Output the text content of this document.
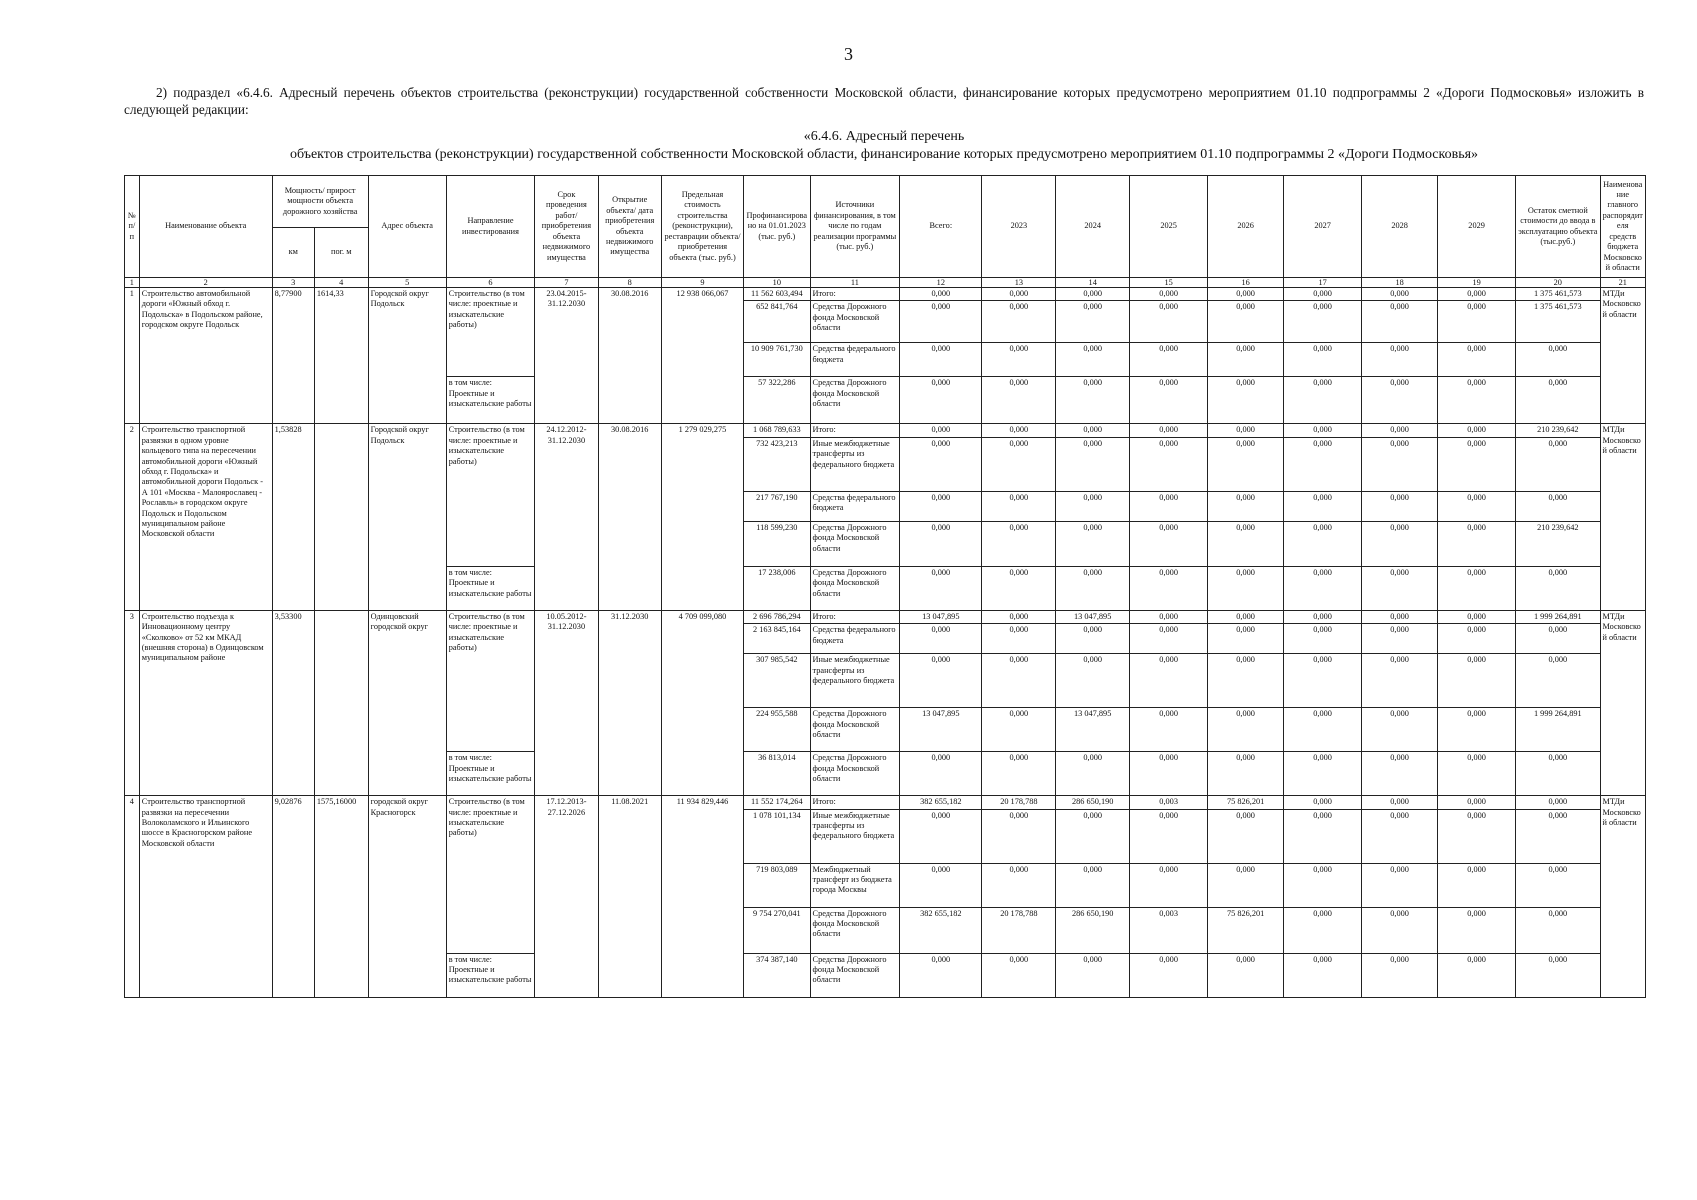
3
2) подраздел «6.4.6. Адресный перечень объектов строительства (реконструкции) государственной собственности Московской области, финансирование которых предусмотрено мероприятием 01.10 подпрограммы 2 «Дороги Подмосковья» изложить в следующей редакции:
«6.4.6. Адресный перечень
объектов строительства (реконструкции) государственной собственности Московской области, финансирование которых предусмотрено мероприятием 01.10 подпрограммы 2 «Дороги Подмосковья»
№ п/п	Наименование объекта	Мощность/ прирост мощности объекта дорожного хозяйства		Адрес объекта	Направление инвестирования	Срок проведения работ/ приобретения объекта недвижимого имущества	Открытие объекта/ дата приобретения объекта недвижимого имущества	Предельная стоимость строительства (реконструкции), реставрации объекта/ приобретения объекта (тыс. руб.)	Профинансировано на 01.01.2023 (тыс. руб.)	Источники финансирования, в том числе по годам реализации программы (тыс. руб.)	Всего:	2023	2024	2025	2026	2027	2028	2029	Остаток сметной стоимости до ввода в эксплуатацию объекта (тыс.руб.)	Наименование главного распорядителя средств бюджета Московской области
		км	пог. м																	
1	2	3	4	5	6	7	8	9	10	11	12	13	14	15	16	17	18	19	20	21
1	Строительство автомобильной дороги «Южный обход г. Подольска» в Подольском районе, городском округе Подольск	8,77900	1614,33	Городской округ Подольск	Строительство (в том числе: проектные и изыскательские работы)	23.04.2015-31.12.2030	30.08.2016	12 938 066,067	11 562 603,494	Итого:	0,000	0,000	0,000	0,000	0,000	0,000	0,000	0,000	1 375 461,573	МТДи Московской области
									652 841,764	Средства Дорожного фонда Московской области	0,000	0,000	0,000	0,000	0,000	0,000	0,000	0,000	1 375 461,573	
									10 909 761,730	Средства федерального бюджета	0,000	0,000	0,000	0,000	0,000	0,000	0,000	0,000	0,000	
					в том числе: Проектные и изыскательские работы				57 322,286	Средства Дорожного фонда Московской области	0,000	0,000	0,000	0,000	0,000	0,000	0,000	0,000	0,000	
2	Строительство транспортной развязки в одном уровне кольцевого типа на пересечении автомобильной дороги «Южный обход г. Подольска» и автомобильной дороги Подольск - А 101 «Москва - Малоярославец - Рославль» в городском округе Подольск и Подольском муниципальном районе Московской области	1,53828		Городской округ Подольск	Строительство (в том числе: проектные и изыскательские работы)	24.12.2012-31.12.2030	30.08.2016	1 279 029,275	1 068 789,633	Итого:	0,000	0,000	0,000	0,000	0,000	0,000	0,000	0,000	210 239,642	МТДи Московской области
									732 423,213	Иные межбюджетные трансферты из федерального бюджета	0,000	0,000	0,000	0,000	0,000	0,000	0,000	0,000	0,000	
									217 767,190	Средства федерального бюджета	0,000	0,000	0,000	0,000	0,000	0,000	0,000	0,000	0,000	
									118 599,230	Средства Дорожного фонда Московской области	0,000	0,000	0,000	0,000	0,000	0,000	0,000	0,000	210 239,642	
					в том числе: Проектные и изыскательские работы				17 238,006	Средства Дорожного фонда Московской области	0,000	0,000	0,000	0,000	0,000	0,000	0,000	0,000	0,000	
3	Строительство подъезда к Инновационному центру «Сколково» от 52 км МКАД (внешняя сторона) в Одинцовском муниципальном районе	3,53300		Одинцовский городской округ	Строительство (в том числе: проектные и изыскательские работы)	10.05.2012-31.12.2030	31.12.2030	4 709 099,080	2 696 786,294	Итого:	13 047,895	0,000	13 047,895	0,000	0,000	0,000	0,000	0,000	1 999 264,891	МТДи Московской области
									2 163 845,164	Средства федерального бюджета	0,000	0,000	0,000	0,000	0,000	0,000	0,000	0,000	0,000	
									307 985,542	Иные межбюджетные трансферты из федерального бюджета	0,000	0,000	0,000	0,000	0,000	0,000	0,000	0,000	0,000	
									224 955,588	Средства Дорожного фонда Московской области	13 047,895	0,000	13 047,895	0,000	0,000	0,000	0,000	0,000	1 999 264,891	
					в том числе: Проектные и изыскательские работы				36 813,014	Средства Дорожного фонда Московской области	0,000	0,000	0,000	0,000	0,000	0,000	0,000	0,000	0,000	
4	Строительство транспортной развязки на пересечении Волоколамского и Ильинского шоссе в Красногорском районе Московской области	9,02876	1575,16000	городской округ Красногорск	Строительство (в том числе: проектные и изыскательские работы)	17.12.2013-27.12.2026	11.08.2021	11 934 829,446	11 552 174,264	Итого:	382 655,182	20 178,788	286 650,190	0,003	75 826,201	0,000	0,000	0,000	0,000	МТДи Московской области
									1 078 101,134	Иные межбюджетные трансферты из федерального бюджета	0,000	0,000	0,000	0,000	0,000	0,000	0,000	0,000	0,000	
									719 803,089	Межбюджетный трансферт из бюджета города Москвы	0,000	0,000	0,000	0,000	0,000	0,000	0,000	0,000	0,000	
									9 754 270,041	Средства Дорожного фонда Московской области	382 655,182	20 178,788	286 650,190	0,003	75 826,201	0,000	0,000	0,000	0,000	
					в том числе: Проектные и изыскательские работы				374 387,140	Средства Дорожного фонда Московской области	0,000	0,000	0,000	0,000	0,000	0,000	0,000	0,000	0,000	
